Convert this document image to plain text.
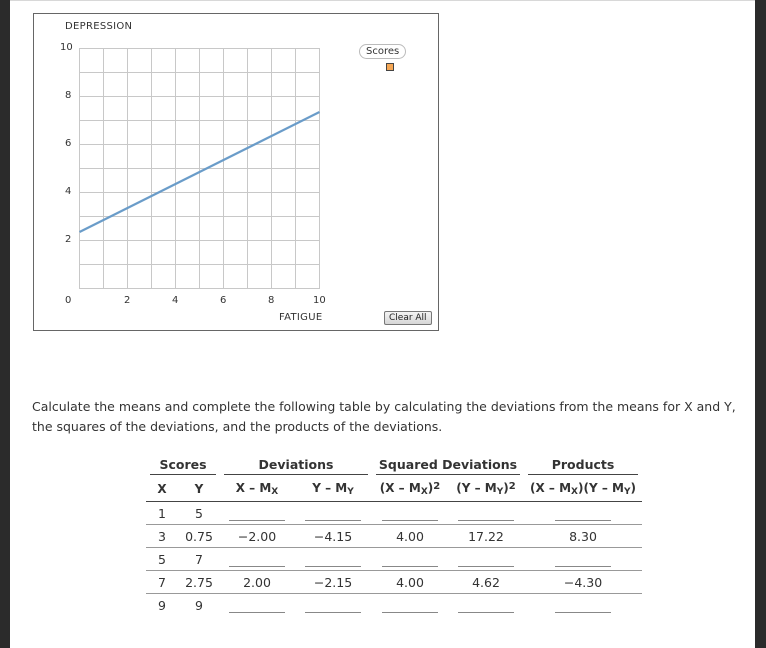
DEPRESSION
10
8
6
4
2
0	2	4	6	8	10
FATIGUE
Scores
Clear All
Calculate the means and complete the following table by calculating the deviations from the means for X and Y, the squares of the deviations, and the products of the deviations.
Scores		Deviations		Squared Deviations		Products

X	Y	X – $M_X$	Y – $M_Y$	$(X - M_X)^2$	$(Y - M_Y)^2$	$(X - M_X)(Y - M_Y)$
1	5					
3	0.75	−2.00	−4.15	4.00	17.22	8.30
5	7					
7	2.75	2.00	−2.15	4.00	4.62	−4.30
9	9					
